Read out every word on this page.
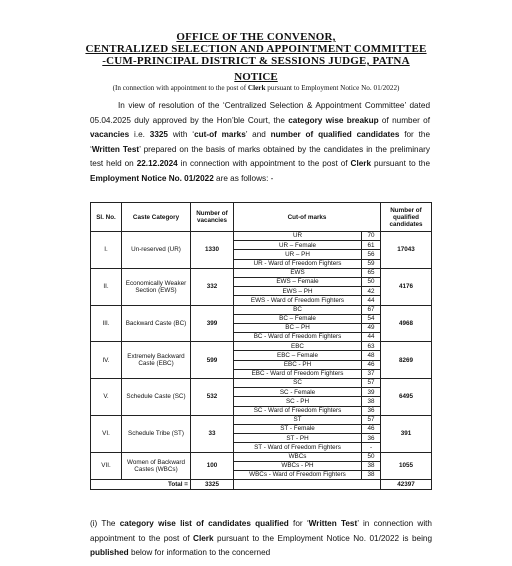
OFFICE OF THE CONVENOR,
CENTRALIZED SELECTION AND APPOINTMENT COMMITTEE
-CUM-PRINCIPAL DISTRICT & SESSIONS JUDGE, PATNA
NOTICE
(In connection with appointment to the post of Clerk pursuant to Employment Notice No. 01/2022)
In view of resolution of the ‘Centralized Selection & Appointment Committee’ dated 05.04.2025 duly approved by the Hon’ble Court, the category wise breakup of number of vacancies i.e. 3325 with ‘cut-of marks’ and number of qualified candidates for the ‘Written Test’ prepared on the basis of marks obtained by the candidates in the preliminary test held on 22.12.2024 in connection with appointment to the post of Clerk pursuant to the Employment Notice No. 01/2022 are as follows: -
Sl. No.	Caste Category	Number of vacancies	Cut-of marks		Number of qualified candidates
I.	Un-reserved (UR)	1330	UR	70	17043
			UR – Female	61	
			UR – PH	56	
			UR - Ward of Freedom Fighters	59	
II.	Economically Weaker Section (EWS)	332	EWS	65	4176
			EWS – Female	50	
			EWS – PH	42	
			EWS - Ward of Freedom Fighters	44	
III.	Backward Caste (BC)	399	BC	67	4968
			BC – Female	54	
			BC – PH	49	
			BC - Ward of Freedom Fighters	44	
IV.	Extremely Backward Caste (EBC)	599	EBC	63	8269
			EBC – Female	48	
			EBC - PH	46	
			EBC - Ward of Freedom Fighters	37	
V.	Schedule Caste (SC)	532	SC	57	6495
			SC - Female	39	
			SC - PH	38	
			SC - Ward of Freedom Fighters	36	
VI.	Schedule Tribe (ST)	33	ST	57	391
			ST - Female	46	
			ST - PH	36	
			ST - Ward of Freedom Fighters	-	
VII.	Women of Backward Castes (WBCs)	100	WBCs	50	1055
			WBCs - PH	38	
			WBCs - Ward of Freedom Fighters	38	
Total =		3325			42397
(i) The category wise list of candidates qualified for ‘Written Test’ in connection with appointment to the post of Clerk pursuant to the Employment Notice No. 01/2022 is being published below for information to the concerned
